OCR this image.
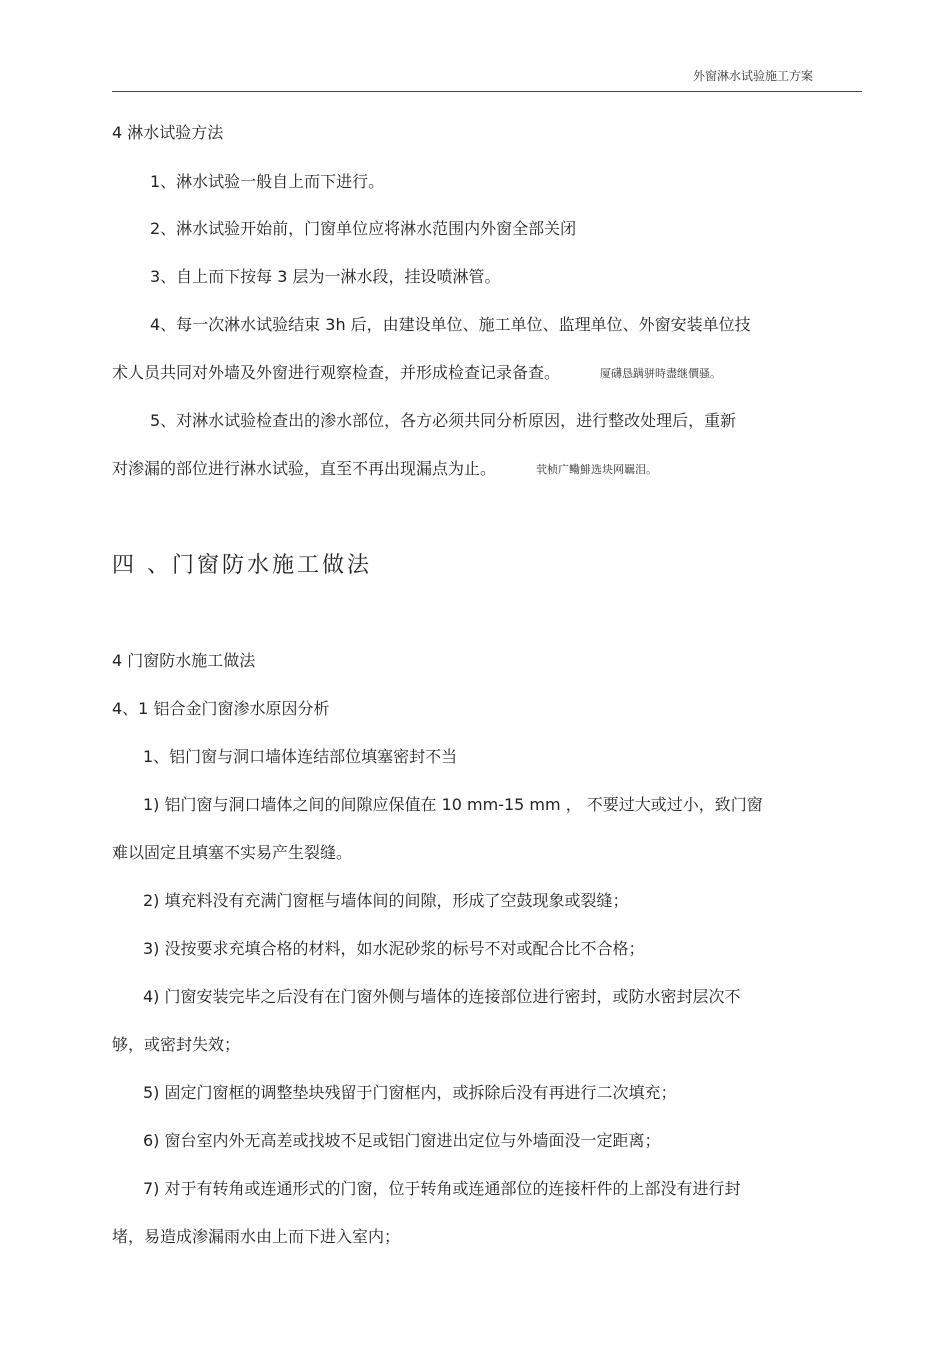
外窗淋水试验施工方案
4 淋水试验方法
1、淋水试验一般自上而下进行。
2、淋水试验开始前，门窗单位应将淋水范围内外窗全部关闭
3、自上而下按每 3 层为一淋水段，挂设喷淋管。
4、每一次淋水试验结束 3h 后，由建设单位、施工单位、监理单位、外窗安装单位技
术人员共同对外墙及外窗进行观察检查，并形成检查记录备查。	厦礴恳蹒骈時盡继價骚。
5、对淋水试验检查出的渗水部位，各方必须共同分析原因，进行整改处理后，重新
对渗漏的部位进行淋水试验，直至不再出现漏点为止。	茕桢广鳓鯡选块网羈泪。
四 、门窗防水施工做法
4 门窗防水施工做法
4、1 铝合金门窗渗水原因分析
1、铝门窗与洞口墙体连结部位填塞密封不当
1) 铝门窗与洞口墙体之间的间隙应保值在 10 mm-15 mm ， 不要过大或过小，致门窗
难以固定且填塞不实易产生裂缝。
2) 填充料没有充满门窗框与墙体间的间隙，形成了空鼓现象或裂缝；
3) 没按要求充填合格的材料，如水泥砂浆的标号不对或配合比不合格；
4) 门窗安装完毕之后没有在门窗外侧与墙体的连接部位进行密封，或防水密封层次不
够，或密封失效；
5) 固定门窗框的调整垫块残留于门窗框内，或拆除后没有再进行二次填充；
6) 窗台室内外无高差或找坡不足或铝门窗进出定位与外墙面没一定距离；
7) 对于有转角或连通形式的门窗，位于转角或连通部位的连接杆件的上部没有进行封
堵，易造成渗漏雨水由上而下进入室内；
